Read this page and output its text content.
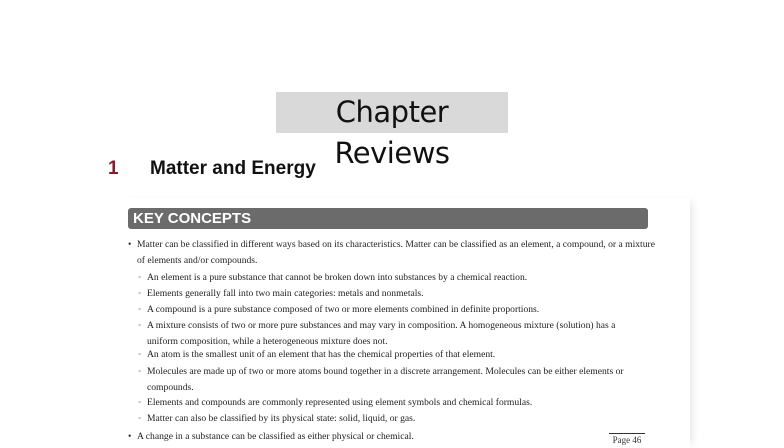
Chapter Reviews
1 Matter and Energy
KEY CONCEPTS
• Matter can be classified in different ways based on its characteristics. Matter can be classified as an element, a compound, or a mixture of elements and/or compounds.
◦ An element is a pure substance that cannot be broken down into substances by a chemical reaction.
◦ Elements generally fall into two main categories: metals and nonmetals.
◦ A compound is a pure substance composed of two or more elements combined in definite proportions.
◦ A mixture consists of two or more pure substances and may vary in composition. A homogeneous mixture (solution) has a uniform composition, while a heterogeneous mixture does not.
◦ An atom is the smallest unit of an element that has the chemical properties of that element.
◦ Molecules are made up of two or more atoms bound together in a discrete arrangement. Molecules can be either elements or compounds.
◦ Elements and compounds are commonly represented using element symbols and chemical formulas.
◦ Matter can also be classified by its physical state: solid, liquid, or gas.
• A change in a substance can be classified as either physical or chemical.	Page 46
